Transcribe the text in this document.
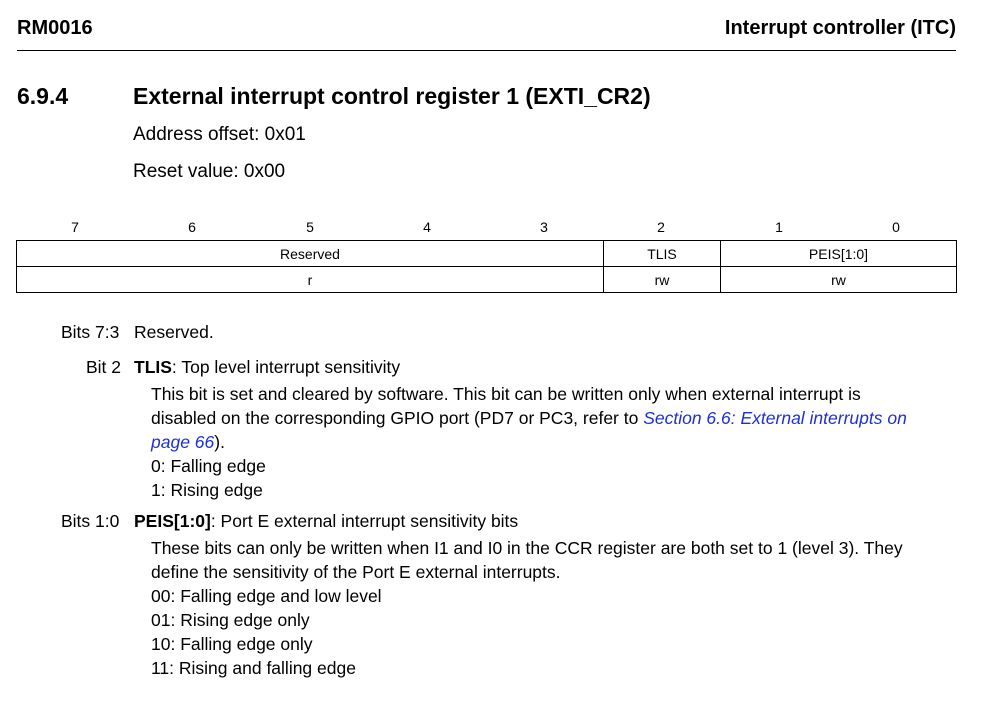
RM0016	Interrupt controller (ITC)
6.9.4	External interrupt control register 1 (EXTI_CR2)
Address offset: 0x01
Reset value: 0x00
7	6	5	4	3	2	1	0
Reserved	TLIS	PEIS[1:0]
r	rw	rw
Bits 7:3 Reserved.
Bit 2 TLIS: Top level interrupt sensitivity
This bit is set and cleared by software. This bit can be written only when external interrupt is
disabled on the corresponding GPIO port (PD7 or PC3, refer to Section 6.6: External interrupts on
page 66).
0: Falling edge
1: Rising edge
Bits 1:0 PEIS[1:0]: Port E external interrupt sensitivity bits
These bits can only be written when I1 and I0 in the CCR register are both set to 1 (level 3). They
define the sensitivity of the Port E external interrupts.
00: Falling edge and low level
01: Rising edge only
10: Falling edge only
11: Rising and falling edge
